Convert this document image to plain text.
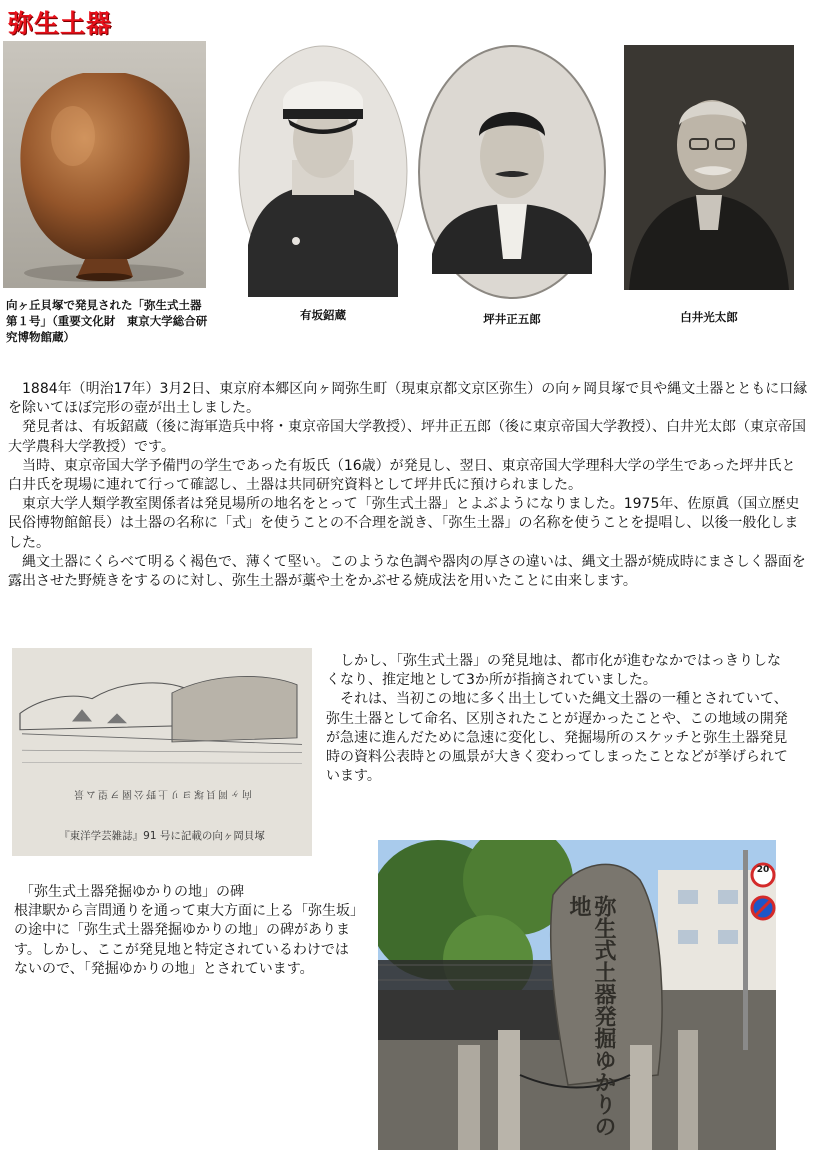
弥生土器
向ヶ丘貝塚で発見された「弥生式土器第１号」（重要文化財　東京大学総合研究博物館蔵）
有坂鉊蔵	坪井正五郎	白井光太郎

1884年（明治17年）3月2日、東京府本郷区向ヶ岡弥生町（現東京都文京区弥生）の向ヶ岡貝塚で貝や縄文土器とともに口縁を除いてほぼ完形の壺が出土しました。

発見者は、有坂鉊蔵（後に海軍造兵中将・東京帝国大学教授）、坪井正五郎（後に東京帝国大学教授）、白井光太郎（東京帝国大学農科大学教授）です。

当時、東京帝国大学予備門の学生であった有坂氏（16歳）が発見し、翌日、東京帝国大学理科大学の学生であった坪井氏と白井氏を現場に連れて行って確認し、土器は共同研究資料として坪井氏に預けられました。

東京大学人類学教室関係者は発見場所の地名をとって「弥生式土器」とよぶようになりました。1975年、佐原眞（国立歴史民俗博物館館長）は土器の名称に「式」を使うことの不合理を説き、「弥生土器」の名称を使うことを提唱し、以後一般化しました。

縄文土器にくらべて明るく褐色で、薄くて堅い。このような色調や器肉の厚さの違いは、縄文土器が焼成時にまさしく器面を露出させた野焼きをするのに対し、弥生土器が藁や土をかぶせる焼成法を用いたことに由来します。

向ヶ岡貝塚ヨリ上野公園ヲ望ム景
『東洋学芸雑誌』91 号に記載の向ヶ岡貝塚

しかし、「弥生式土器」の発見地は、都市化が進むなかではっきりしなくなり、推定地として3か所が指摘されていました。

それは、当初この地に多く出土していた縄文土器の一種とされていて、弥生土器として命名、区別されたことが遅かったことや、この地域の開発が急速に進んだために急速に変化し、発掘場所のスケッチと弥生土器発見時の資料公表時との風景が大きく変わってしまったことなどが挙げられています。

「弥生式土器発掘ゆかりの地」の碑

根津駅から言問通りを通って東大方面に上る「弥生坂」の途中に「弥生式土器発掘ゆかりの地」の碑があります。しかし、ここが発見地と特定されているわけではないので、「発掘ゆかりの地」とされています。	弥生式土器発掘ゆかりの地
20
